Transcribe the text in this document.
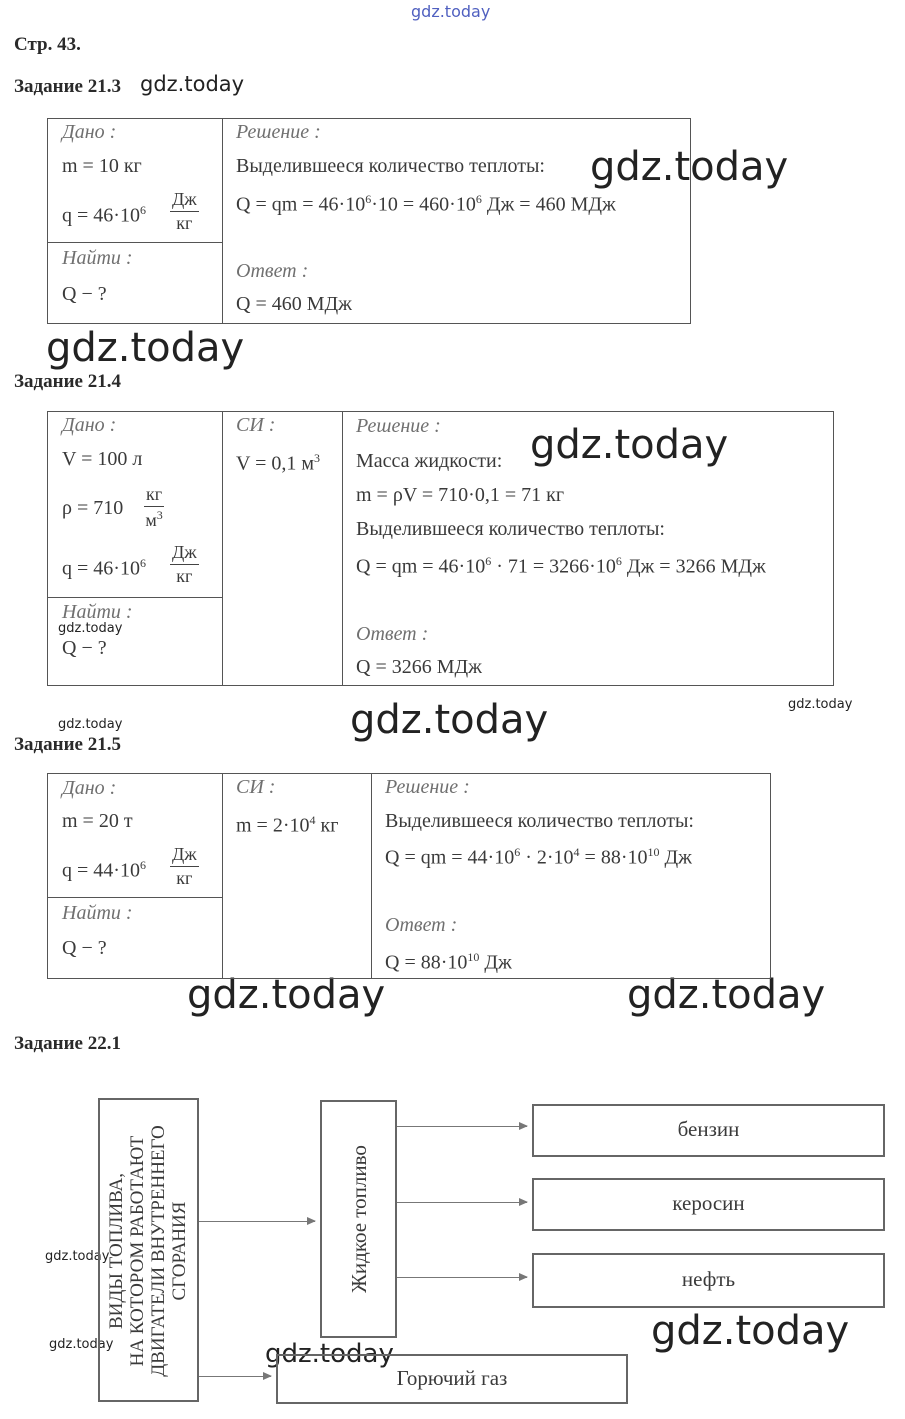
gdz.today
gdz.today
gdz.today
gdz.today
gdz.today
gdz.today
gdz.today	gdz.today
gdz.today
gdz.today	gdz.today
gdz.today
gdz.today
gdz.today	gdz.today
Стр. 43.
Задание 21.3
Дано :
m = 10 кг
$q = 46\cdot 10^6$
Дж
кг
Найти :
Q − ?
Решение :
Выделившееся количество теплоты:
Q = qm = $46\cdot 10^6\cdot 10 = 460\cdot 10^6$ Дж = 460 МДж
Ответ :
Q = 460 МДж
Задание 21.4
Дано :
V = 100 л
ρ = 710
кг
$м^3$
$q = 46\cdot 10^6$
Дж
кг
Найти :
Q − ?
СИ :
V = 0,1 $м^3$
Решение :
Масса жидкости:
m = ρV = 710·0,1 = 71 кг
Выделившееся количество теплоты:
Q = qm = $46\cdot 10^6 \cdot 71 = 3266\cdot 10^6$ Дж = 3266 МДж
Ответ :
Q = 3266 МДж
Задание 21.5
Дано :
m = 20 т
$q = 44\cdot 10^6$
Дж
кг
Найти :
Q − ?
СИ :
$m = 2\cdot 10^4$ кг
Решение :
Выделившееся количество теплоты:
Q = qm = $44\cdot 10^6 \cdot 2\cdot 10^4 = 88\cdot 10^{10}$ Дж
Ответ :
$Q = 88\cdot 10^{10}$ Дж
Задание 22.1
ВИДЫ ТОПЛИВА, НА КОТОРОМ РАБОТАЮТ ДВИГАТЕЛИ ВНУТРЕННЕГО СГОРАНИЯ	Жидкое топливо
бензин
керосин
нефть
Горючий газ
